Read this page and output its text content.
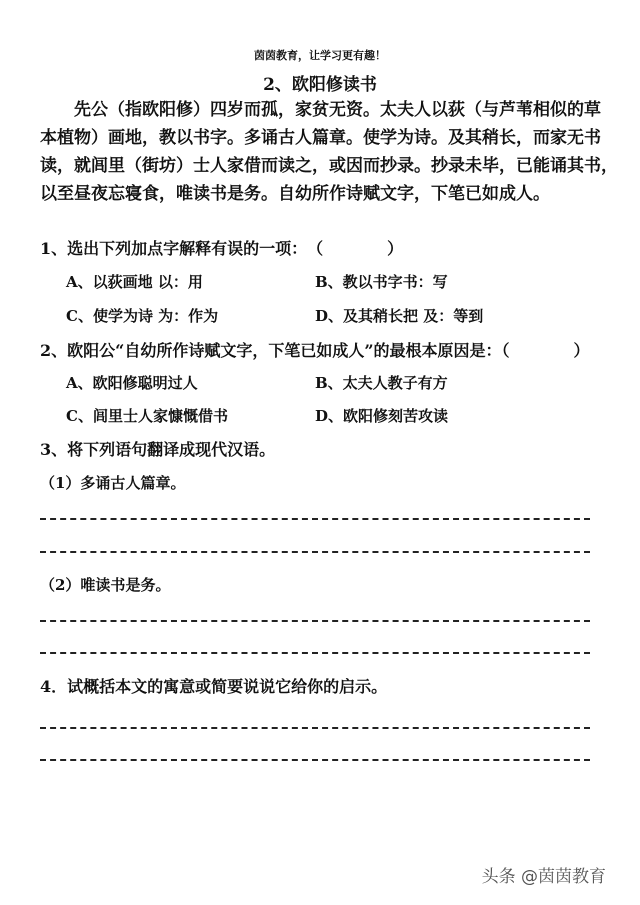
茵茵教育，让学习更有趣！
2、欧阳修读书
　　先公（指欧阳修）四岁而孤，家贫无资。太夫人以荻（与芦苇相似的草
本植物）画地，教以书字。多诵古人篇章。使学为诗。及其稍长，而家无书
读，就闾里（街坊）士人家借而读之，或因而抄录。抄录未毕，已能诵其书，
以至昼夜忘寝食，唯读书是务。自幼所作诗赋文字，下笔已如成人。
1、选出下列加点字解释有误的一项：　（　　　　）
A、以荻画地 以：用	B、教以书字书：写
C、使学为诗 为：作为	D、及其稍长把 及：等到
2、欧阳公“自幼所作诗赋文字，下笔已如成人”的最根本原因是：（　　　　）
A、欧阳修聪明过人	B、太夫人教子有方
C、闾里士人家慷慨借书	D、欧阳修刻苦攻读
3、将下列语句翻译成现代汉语。
（1）多诵古人篇章。
（2）唯读书是务。
4．试概括本文的寓意或简要说说它给你的启示。
头条 @茵茵教育
